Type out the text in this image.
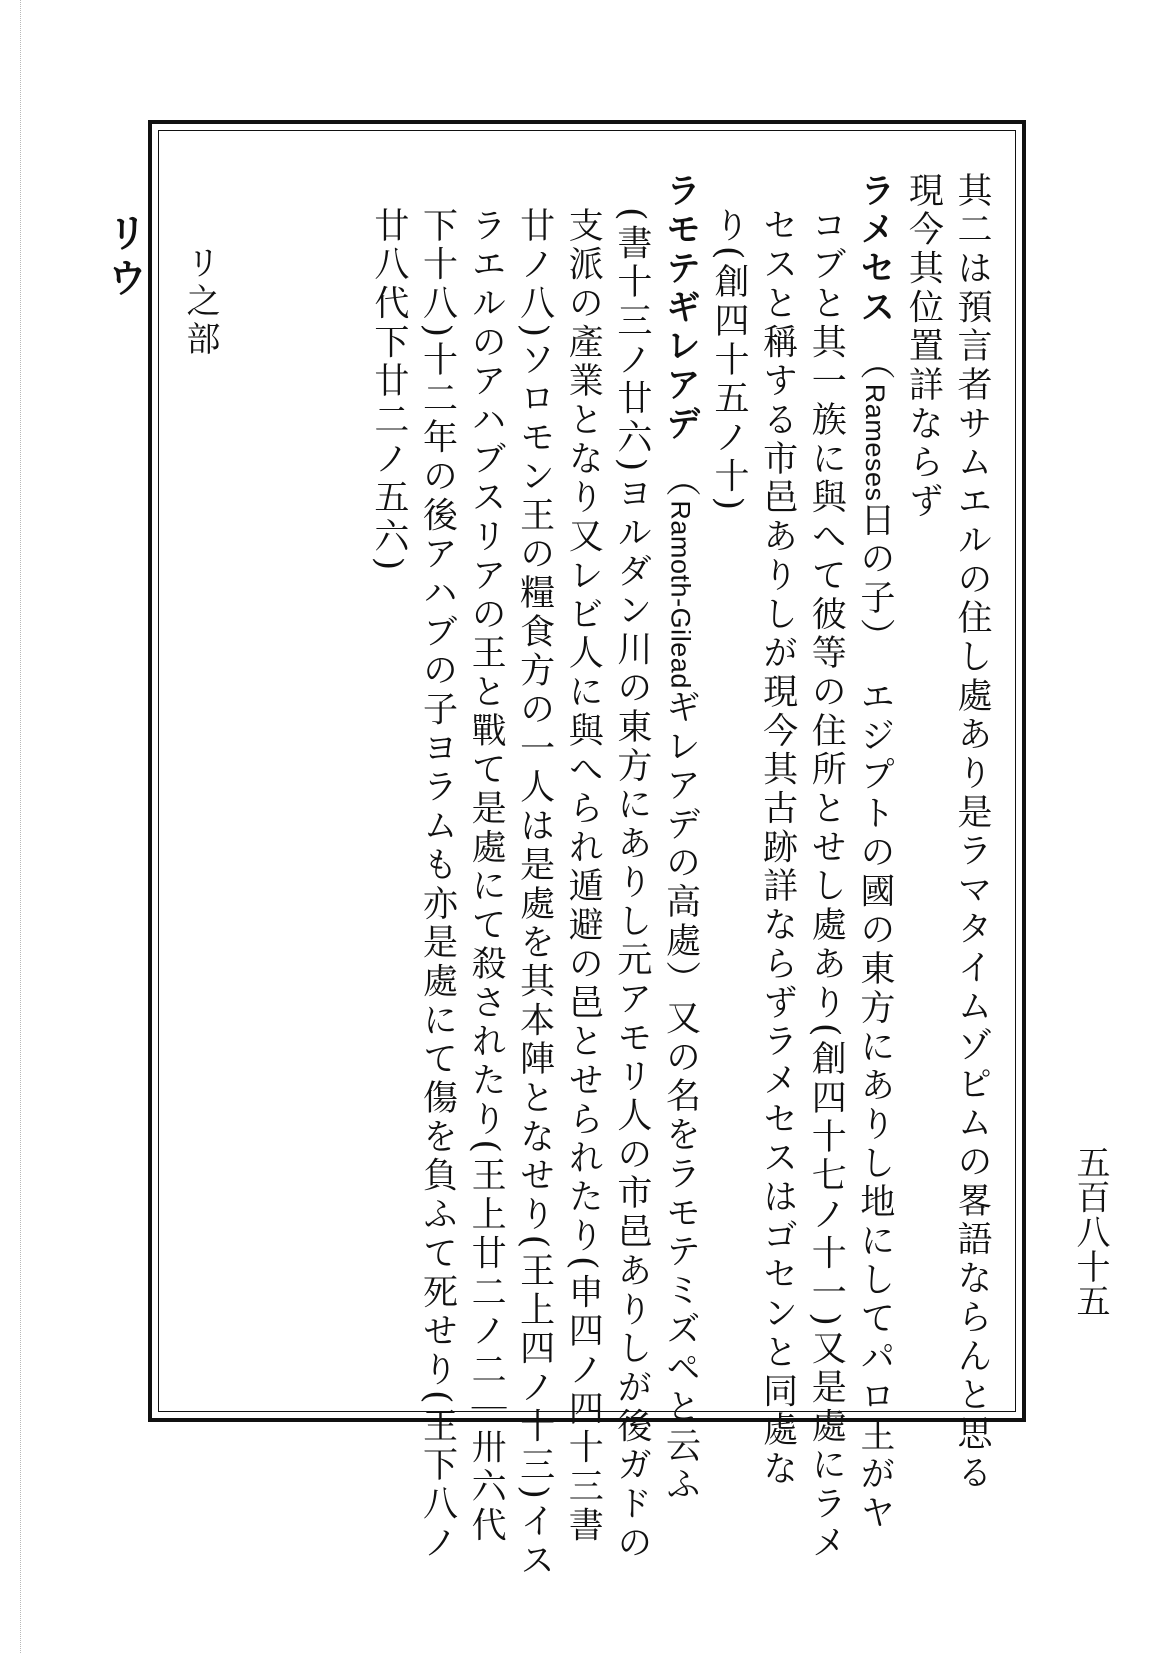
其二は預言者サムエルの住し處あり是ラマタイムゾピムの畧語ならんと思る
現今其位置詳ならず
ラメセス（Rameses日の子）　エジプトの國の東方にありし地にしてパロ王がヤ
コブと其一族に與へて彼等の住所とせし處あり(創四十七ノ十一)又是處にラメ
セスと稱する市邑ありしが現今其古跡詳ならずラメセスはゴセンと同處な
り(創四十五ノ十)
ラモテギレアデ（Ramoth-Gileadギレアデの高處）又の名をラモテミズペと云ふ
(書十三ノ廿六)ヨルダン川の東方にありし元アモリ人の市邑ありしが後ガドの
支派の產業となり又レビ人に與へられ遁避の邑とせられたり(申四ノ四十三書
廿ノ八)ソロモン王の糧食方の一人は是處を其本陣となせり(王上四ノ十三)イス
ラエルのアハブスリアの王と戰て是處にて殺されたり(王上廿二ノ二｜卅六代
下十八)十二年の後アハブの子ヨラムも亦是處にて傷を負ふて死せり(王下八ノ
廿八代下廿二ノ五六)
リウ リ之部
五百八十五
